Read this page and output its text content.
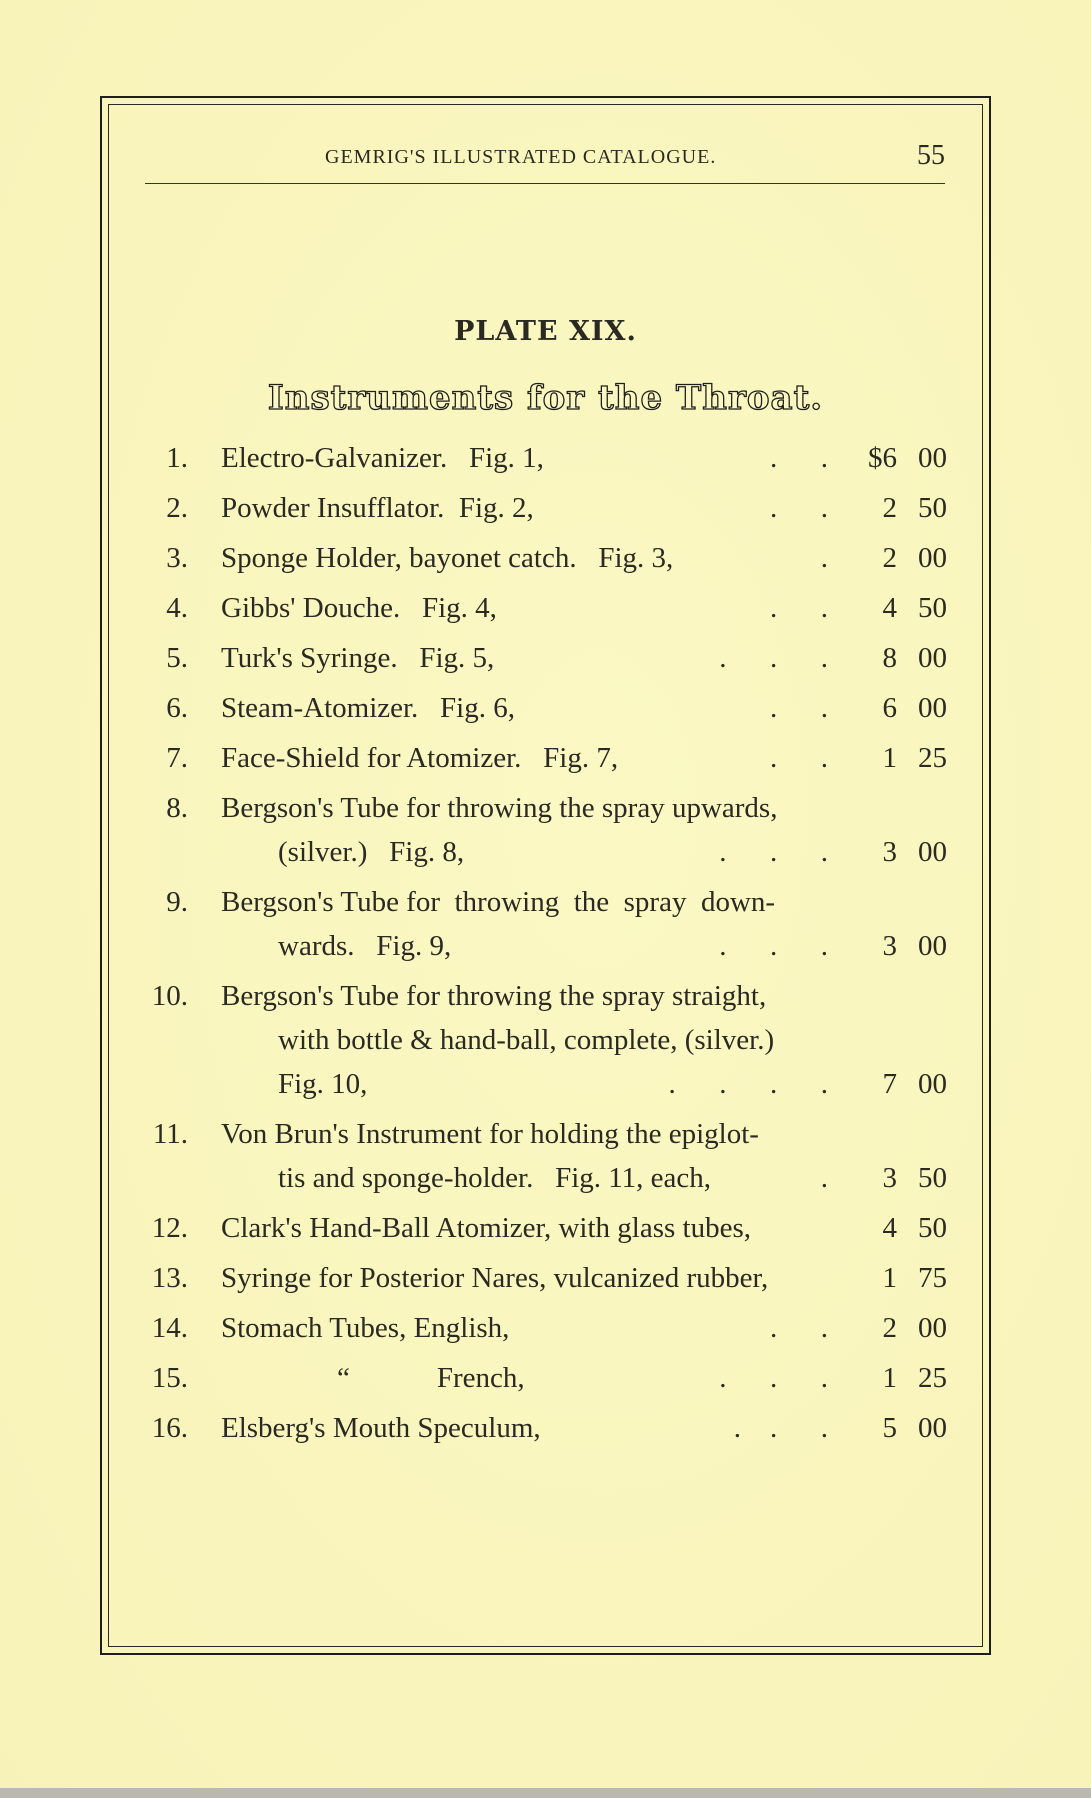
GEMRIG'S ILLUSTRATED CATALOGUE.	55
PLATE XIX.
Instruments for the Throat.
1. Electro-Galvanizer.   Fig. 1,	.      . $6 00
2. Powder Insufflator.  Fig. 2,	.      . 2 50
3. Sponge Holder, bayonet catch.   Fig. 3,	. 2 00
4. Gibbs' Douche.   Fig. 4,	.      . 4 50
5. Turk's Syringe.   Fig. 5,	.      .      . 8 00
6. Steam-Atomizer.   Fig. 6,	.      . 6 00
7. Face-Shield for Atomizer.   Fig. 7,	.      . 1 25
8. Bergson's Tube for throwing the spray upwards,
(silver.)   Fig. 8,	.      .      . 3 00
9. Bergson's Tube for  throwing  the  spray  down-
wards.   Fig. 9,	.      .      . 3 00
10. Bergson's Tube for throwing the spray straight,
with bottle & hand-ball, complete, (silver.)
Fig. 10,	.      .      .      . 7 00
11. Von Brun's Instrument for holding the epiglot-
tis and sponge-holder.   Fig. 11, each,	. 3 50
12. Clark's Hand-Ball Atomizer, with glass tubes,	4 50
13. Syringe for Posterior Nares, vulcanized rubber,	1 75
14. Stomach Tubes, English,	.      . 2 00
15. “            French,	.      .      . 1 25
16. Elsberg's Mouth Speculum,	.    .      . 5 00
